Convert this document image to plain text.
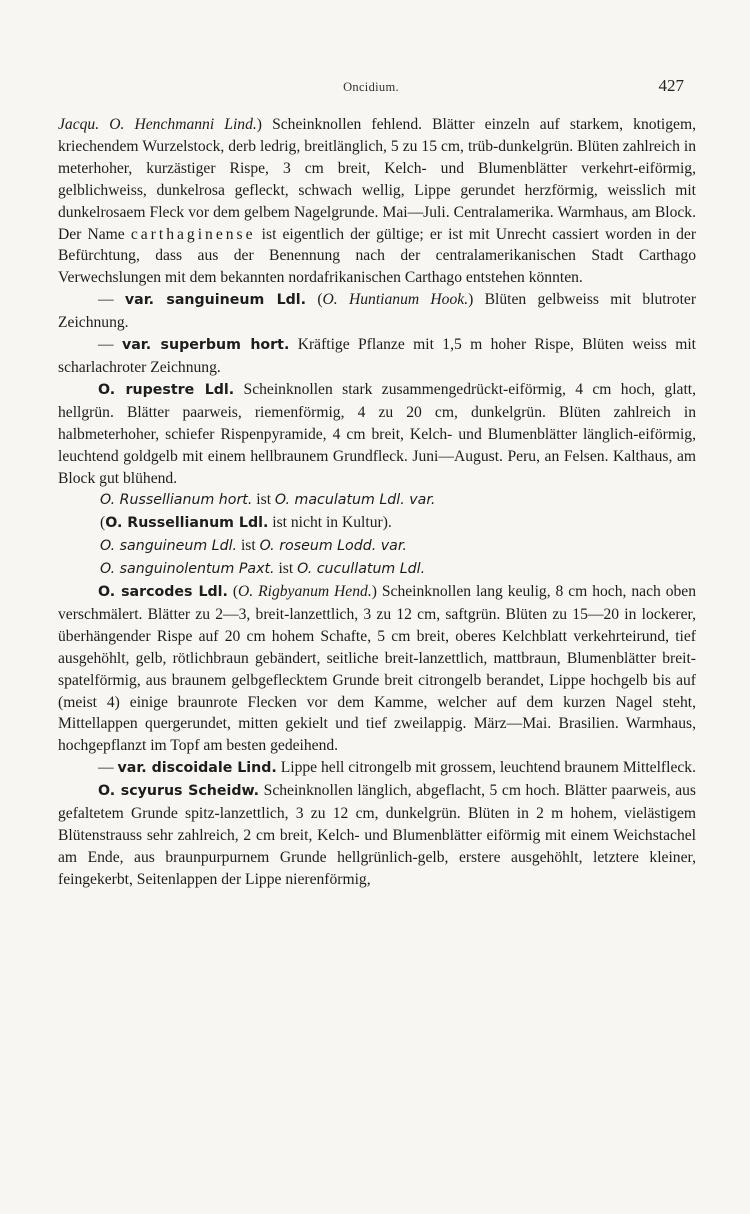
Oncidium.	427

Jacqu. O. Henchmanni Lind.) Scheinknollen fehlend. Blätter einzeln auf starkem, knotigem, kriechendem Wurzelstock, derb ledrig, breitlänglich, 5 zu 15 cm, trüb-dunkelgrün. Blüten zahlreich in meterhoher, kurzästiger Rispe, 3 cm breit, Kelch- und Blumenblätter verkehrt-eiförmig, gelblichweiss, dunkelrosa gefleckt, schwach wellig, Lippe gerundet herzförmig, weisslich mit dunkelrosaem Fleck vor dem gelbem Nagelgrunde. Mai—Juli. Centralamerika. Warmhaus, am Block. Der Name carthaginense ist eigentlich der gültige; er ist mit Unrecht cassiert worden in der Befürchtung, dass aus der Benennung nach der centralamerikanischen Stadt Carthago Verwechslungen mit dem bekannten nordafrikanischen Carthago entstehen könnten.

— var. sanguineum Ldl. (O. Huntianum Hook.) Blüten gelbweiss mit blutroter Zeichnung.

— var. superbum hort. Kräftige Pflanze mit 1,5 m hoher Rispe, Blüten weiss mit scharlachroter Zeichnung.

O. rupestre Ldl. Scheinknollen stark zusammengedrückt-eiförmig, 4 cm hoch, glatt, hellgrün. Blätter paarweis, riemenförmig, 4 zu 20 cm, dunkelgrün. Blüten zahlreich in halbmeterhoher, schiefer Rispenpyramide, 4 cm breit, Kelch- und Blumenblätter länglich-eiförmig, leuchtend goldgelb mit einem hellbraunem Grundfleck. Juni—August. Peru, an Felsen. Kalthaus, am Block gut blühend.

O. Russellianum hort. ist O. maculatum Ldl. var.

(O. Russellianum Ldl. ist nicht in Kultur).

O. sanguineum Ldl. ist O. roseum Lodd. var.

O. sanguinolentum Paxt. ist O. cucullatum Ldl.

O. sarcodes Ldl. (O. Rigbyanum Hend.) Scheinknollen lang keulig, 8 cm hoch, nach oben verschmälert. Blätter zu 2—3, breit-lanzettlich, 3 zu 12 cm, saftgrün. Blüten zu 15—20 in lockerer, überhängender Rispe auf 20 cm hohem Schafte, 5 cm breit, oberes Kelchblatt verkehrteirund, tief ausgehöhlt, gelb, rötlichbraun gebändert, seitliche breit-lanzettlich, mattbraun, Blumenblätter breit-spatelförmig, aus braunem gelbgeflecktem Grunde breit citrongelb berandet, Lippe hochgelb bis auf (meist 4) einige braunrote Flecken vor dem Kamme, welcher auf dem kurzen Nagel steht, Mittellappen quergerundet, mitten gekielt und tief zweilappig. März—Mai. Brasilien. Warmhaus, hochgepflanzt im Topf am besten gedeihend.

— var. discoidale Lind. Lippe hell citrongelb mit grossem, leuchtend braunem Mittelfleck.

O. scyurus Scheidw. Scheinknollen länglich, abgeflacht, 5 cm hoch. Blätter paarweis, aus gefaltetem Grunde spitz-lanzettlich, 3 zu 12 cm, dunkelgrün. Blüten in 2 m hohem, vielästigem Blütenstrauss sehr zahlreich, 2 cm breit, Kelch- und Blumenblätter eiförmig mit einem Weichstachel am Ende, aus braunpurpurnem Grunde hellgrünlich-gelb, erstere ausgehöhlt, letztere kleiner, feingekerbt, Seitenlappen der Lippe nierenförmig,
